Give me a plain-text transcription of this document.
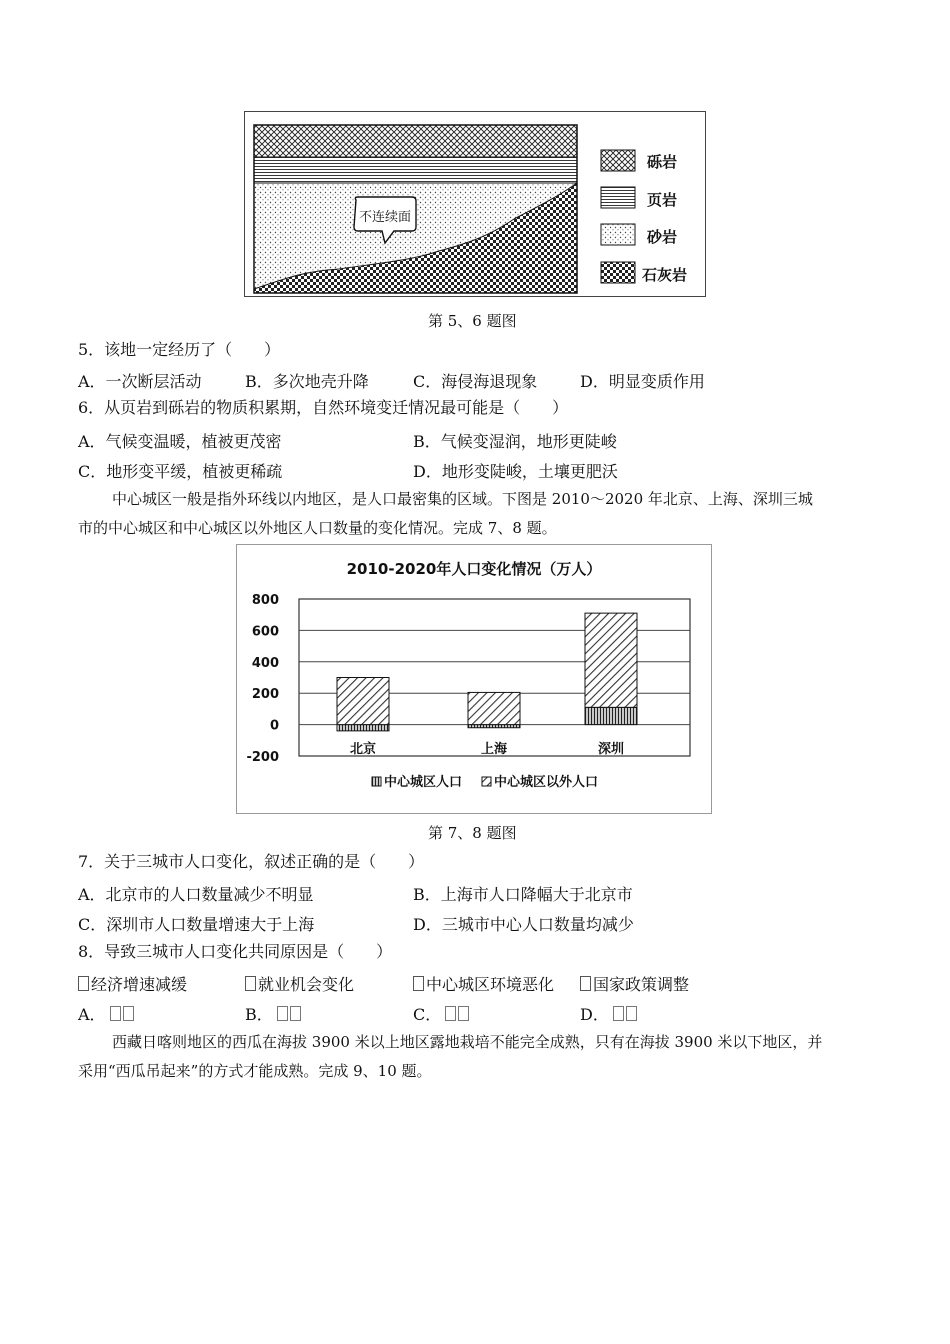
不连续面
砾岩
页岩
砂岩
石灰岩
第 5、6 题图
5．该地一定经历了（　　）
A．一次断层活动	B．多次地壳升降	C．海侵海退现象	D．明显变质作用
6．从页岩到砾岩的物质积累期，自然环境变迁情况最可能是（　　）
A．气候变温暖，植被更茂密	B．气候变湿润，地形更陡峻
C．地形变平缓，植被更稀疏	D．地形变陡峻，土壤更肥沃
中心城区一般是指外环线以内地区，是人口最密集的区域。下图是 2010～2020 年北京、上海、深圳三城
市的中心城区和中心城区以外地区人口数量的变化情况。完成 7、8 题。
2010-2020年人口变化情况（万人）
800
600
400
200
0
-200
北京	上海	深圳
中心城区人口 中心城区以外人口
第 7、8 题图
7．关于三城市人口变化，叙述正确的是（　　）
A．北京市的人口数量减少不明显	B．上海市人口降幅大于北京市
C．深圳市人口数量增速大于上海	D．三城市中心人口数量均减少
8．导致三城市人口变化共同原因是（　　）
经济增速减缓	就业机会变化	中心城区环境恶化	国家政策调整
A．	B．	C．	D．
西藏日喀则地区的西瓜在海拔 3900 米以上地区露地栽培不能完全成熟，只有在海拔 3900 米以下地区，并
采用“西瓜吊起来”的方式才能成熟。完成 9、10 题。
